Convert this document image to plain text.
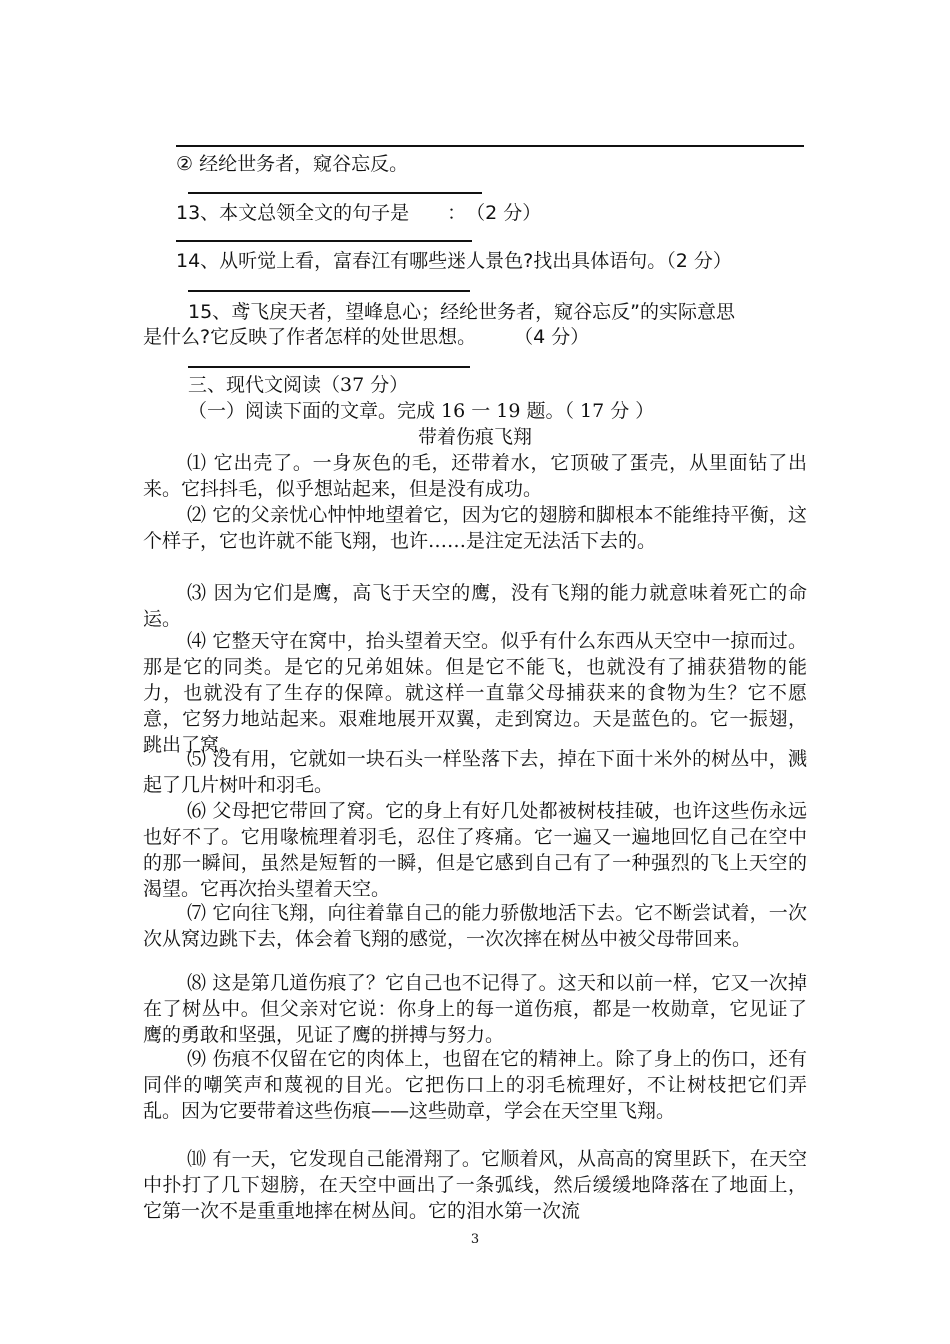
② 经纶世务者，窥谷忘反。
13、本文总领全文的句子是　　：　（2 分）
14、从听觉上看，富春江有哪些迷人景色?找出具体语句。（2 分）
15、鸢飞戾天者，望峰息心；经纶世务者，窥谷忘反”的实际意思
是什么?它反映了作者怎样的处世思想。　　　（4 分）
三、现代文阅读（37 分）
（一）阅读下面的文章。完成 16 一 19 题。（ 17 分 ）
带着伤痕飞翔

⑴ 它出壳了。一身灰色的毛，还带着水，它顶破了蛋壳，从里面钻了出来。它抖抖毛，似乎想站起来，但是没有成功。

⑵ 它的父亲忧心忡忡地望着它，因为它的翅膀和脚根本不能维持平衡，这个样子，它也许就不能飞翔，也许……是注定无法活下去的。

⑶ 因为它们是鹰，高飞于天空的鹰，没有飞翔的能力就意味着死亡的命运。

⑷ 它整天守在窝中，抬头望着天空。似乎有什么东西从天空中一掠而过。那是它的同类。是它的兄弟姐妹。但是它不能飞，也就没有了捕获猎物的能力，也就没有了生存的保障。就这样一直靠父母捕获来的食物为生？它不愿意，它努力地站起来。艰难地展开双翼，走到窝边。天是蓝色的。它一振翅，跳出了窝。

⑸ 没有用，它就如一块石头一样坠落下去，掉在下面十米外的树丛中，溅起了几片树叶和羽毛。

⑹ 父母把它带回了窝。它的身上有好几处都被树枝挂破，也许这些伤永远也好不了。它用喙梳理着羽毛，忍住了疼痛。它一遍又一遍地回忆自己在空中的那一瞬间，虽然是短暂的一瞬，但是它感到自己有了一种强烈的飞上天空的渴望。它再次抬头望着天空。

⑺ 它向往飞翔，向往着靠自己的能力骄傲地活下去。它不断尝试着，一次次从窝边跳下去，体会着飞翔的感觉，一次次摔在树丛中被父母带回来。

⑻ 这是第几道伤痕了？它自己也不记得了。这天和以前一样，它又一次掉在了树丛中。但父亲对它说：你身上的每一道伤痕，都是一枚勋章，它见证了鹰的勇敢和坚强，见证了鹰的拼搏与努力。

⑼ 伤痕不仅留在它的肉体上，也留在它的精神上。除了身上的伤口，还有同伴的嘲笑声和蔑视的目光。它把伤口上的羽毛梳理好，不让树枝把它们弄乱。因为它要带着这些伤痕——这些勋章，学会在天空里飞翔。

⑽ 有一天，它发现自己能滑翔了。它顺着风，从高高的窝里跃下，在天空中扑打了几下翅膀，在天空中画出了一条弧线，然后缓缓地降落在了地面上，它第一次不是重重地摔在树丛间。它的泪水第一次流

3
